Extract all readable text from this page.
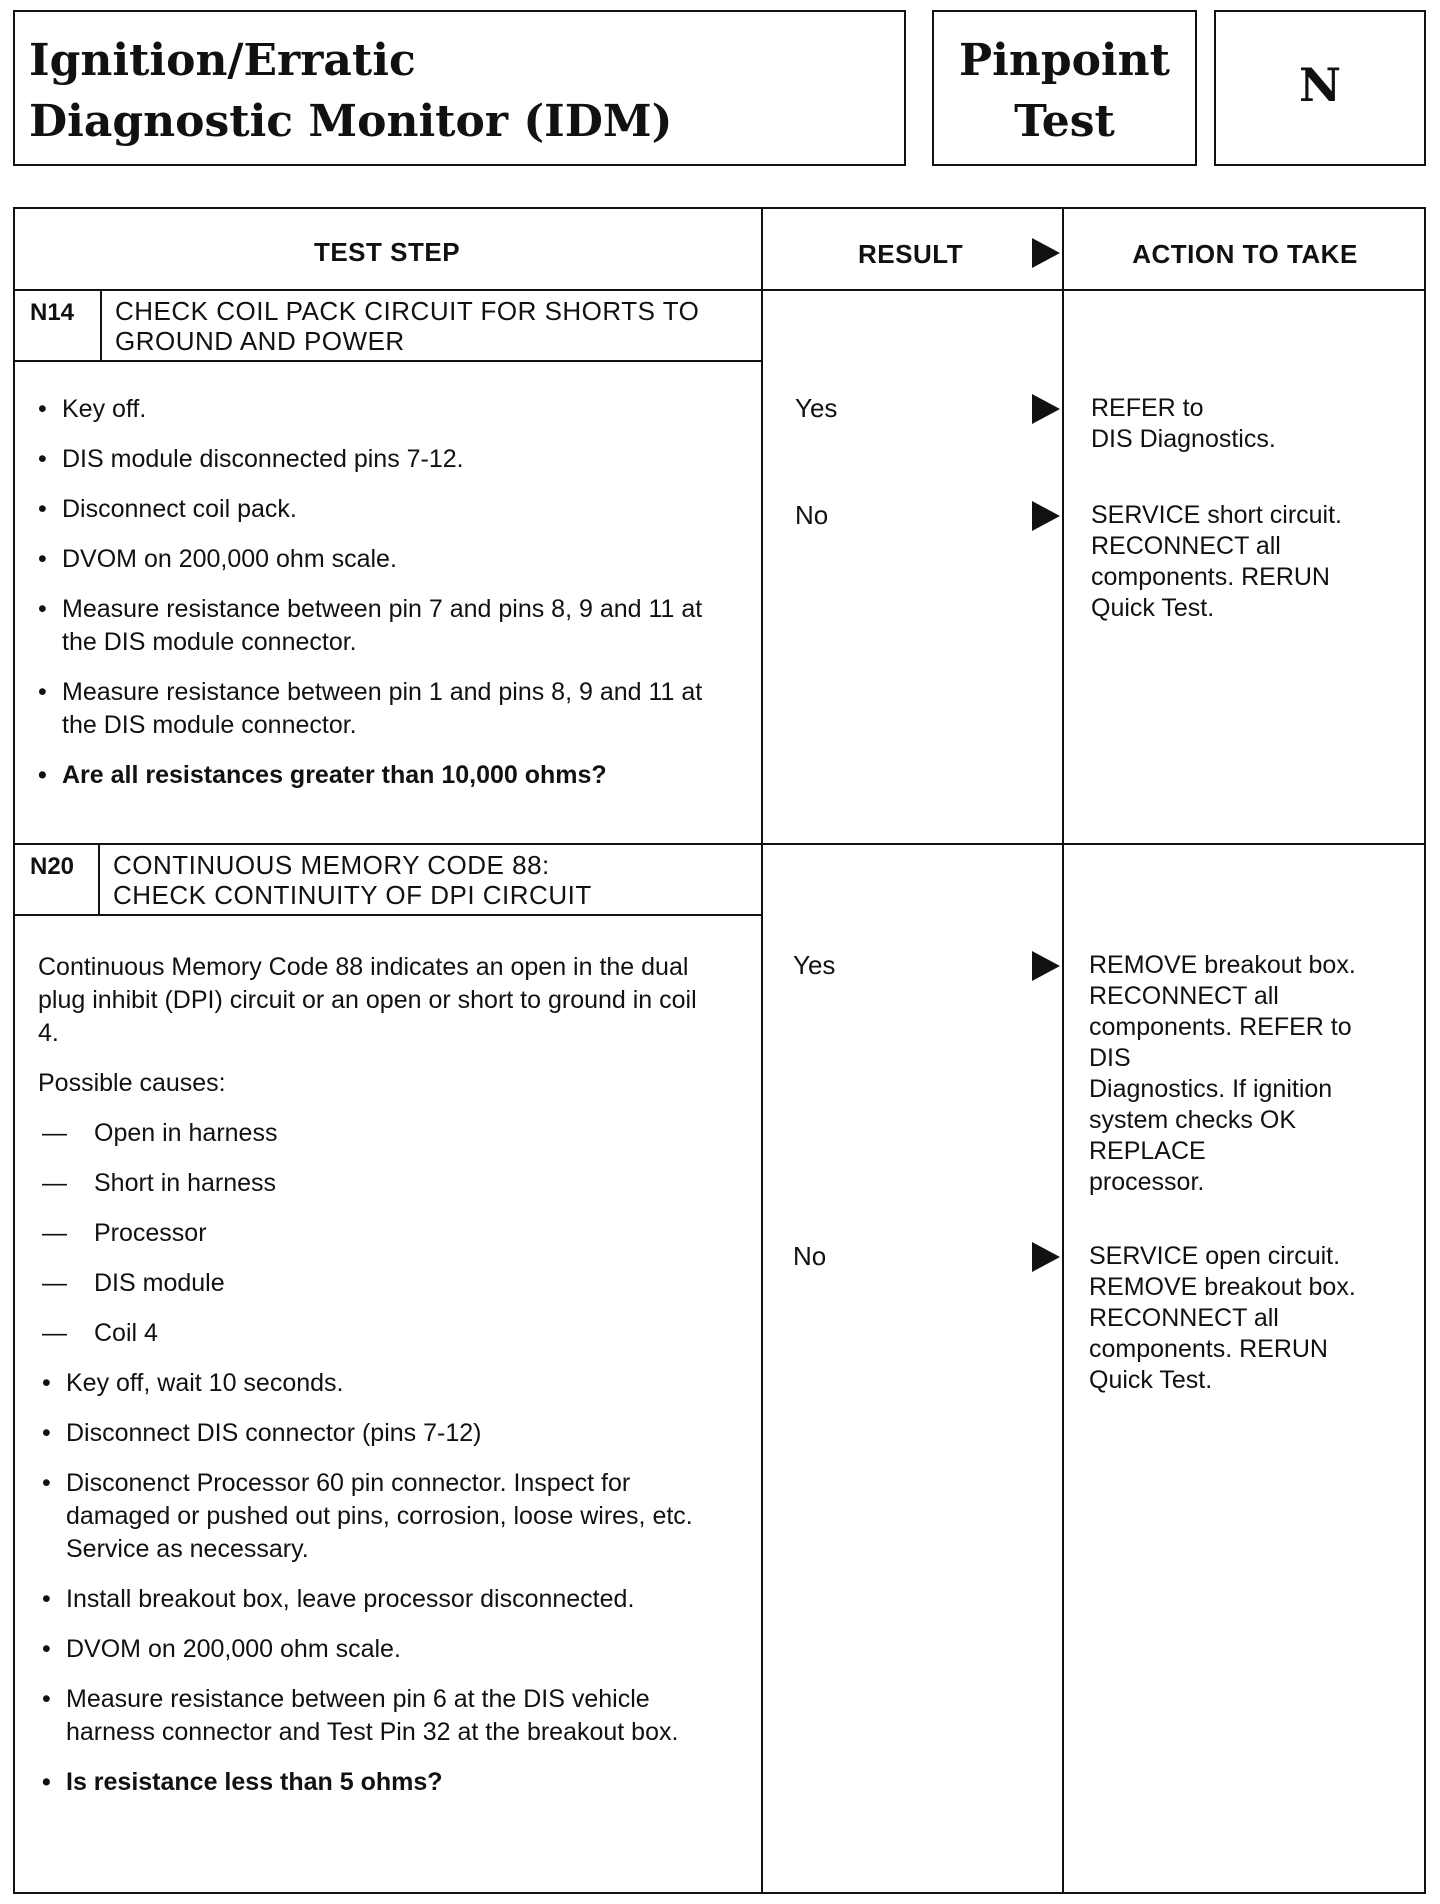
Ignition/Erratic
Diagnostic Monitor (IDM)
Pinpoint
Test
N
TEST STEP	RESULT	ACTION TO TAKE
N14 CHECK COIL PACK CIRCUIT FOR SHORTS TO
GROUND AND POWER
• Key off.
• DIS module disconnected pins 7-12.
• Disconnect coil pack.
• DVOM on 200,000 ohm scale.
• Measure resistance between pin 7 and pins 8, 9 and 11 at the DIS module connector.
• Measure resistance between pin 1 and pins 8, 9 and 11 at the DIS module connector.
• Are all resistances greater than 10,000 ohms?
Yes	REFER to
DIS Diagnostics.
No	SERVICE short circuit. RECONNECT all components. RERUN Quick Test.
N20 CONTINUOUS MEMORY CODE 88:
CHECK CONTINUITY OF DPI CIRCUIT
Continuous Memory Code 88 indicates an open in the dual plug inhibit (DPI) circuit or an open or short to ground in coil 4.
Possible causes:
— Open in harness
— Short in harness
— Processor
— DIS module
— Coil 4
• Key off, wait 10 seconds.
• Disconnect DIS connector (pins 7-12)
• Disconenct Processor 60 pin connector. Inspect for damaged or pushed out pins, corrosion, loose wires, etc. Service as necessary.
• Install breakout box, leave processor disconnected.
• DVOM on 200,000 ohm scale.
• Measure resistance between pin 6 at the DIS vehicle harness connector and Test Pin 32 at the breakout box.
• Is resistance less than 5 ohms?
Yes	REMOVE breakout box.
RECONNECT all
components. REFER to
DIS
Diagnostics. If ignition
system checks OK
REPLACE
processor.
No	SERVICE open circuit.
REMOVE breakout box.
RECONNECT all
components. RERUN
Quick Test.
